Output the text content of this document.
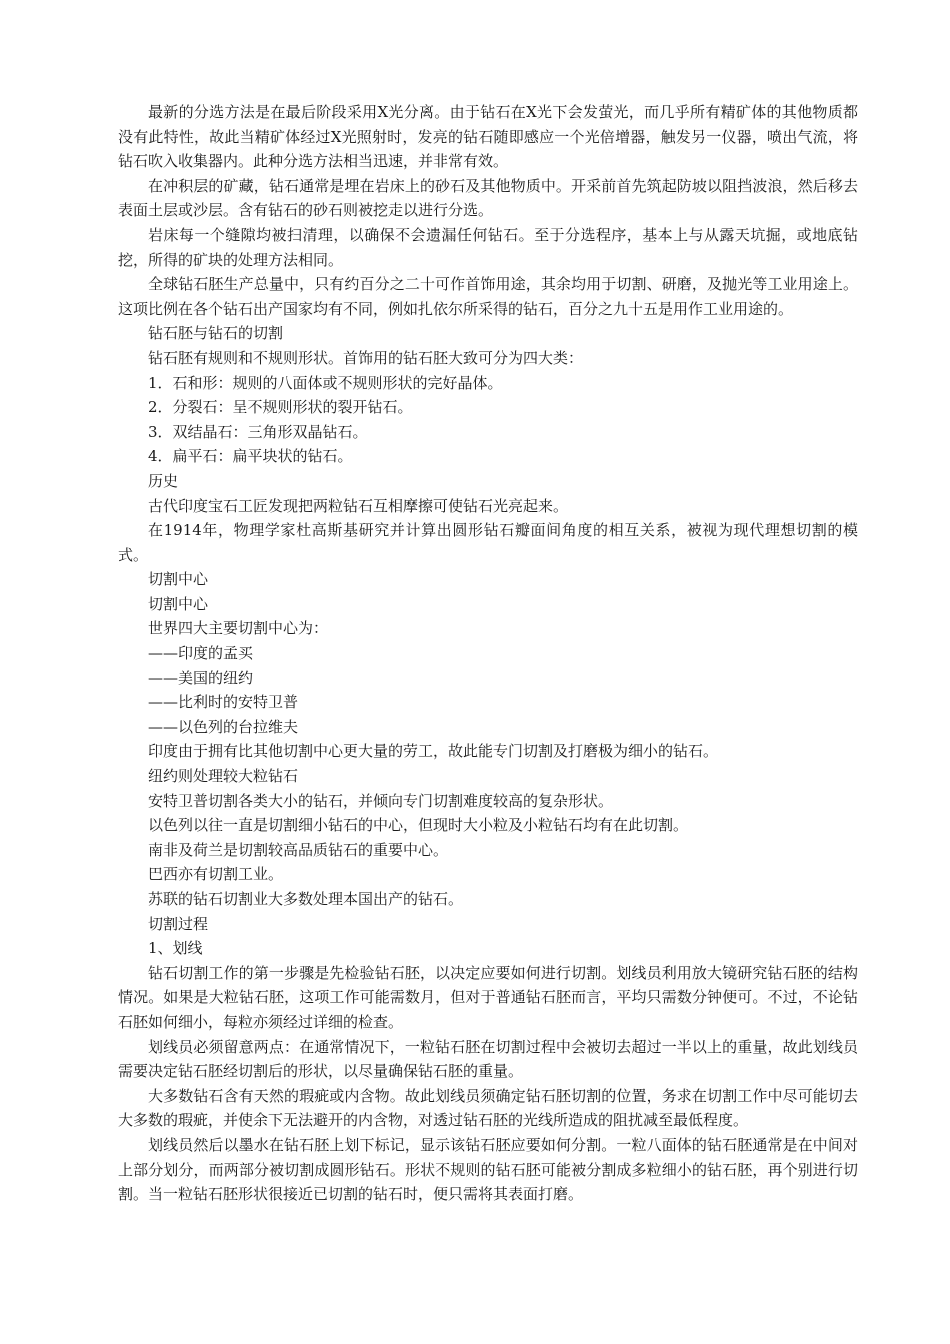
最新的分选方法是在最后阶段采用X光分离。由于钻石在X光下会发萤光，而几乎所有精矿体的其他物质都没有此特性，故此当精矿体经过X光照射时，发亮的钻石随即感应一个光倍增器，触发另一仪器，喷出气流，将钻石吹入收集器内。此种分选方法相当迅速，并非常有效。

在冲积层的矿藏，钻石通常是埋在岩床上的砂石及其他物质中。开采前首先筑起防坡以阻挡波浪，然后移去表面土层或沙层。含有钻石的砂石则被挖走以进行分选。

岩床每一个缝隙均被扫清理，以确保不会遗漏任何钻石。至于分选程序，基本上与从露天坑掘，或地底钻挖，所得的矿块的处理方法相同。

全球钻石胚生产总量中，只有约百分之二十可作首饰用途，其余均用于切割、研磨，及抛光等工业用途上。这项比例在各个钻石出产国家均有不同，例如扎依尔所采得的钻石，百分之九十五是用作工业用途的。

钻石胚与钻石的切割

钻石胚有规则和不规则形状。首饰用的钻石胚大致可分为四大类：

1．石和形：规则的八面体或不规则形状的完好晶体。

2．分裂石：呈不规则形状的裂开钻石。

3．双结晶石：三角形双晶钻石。

4．扁平石：扁平块状的钻石。

历史

古代印度宝石工匠发现把两粒钻石互相摩擦可使钻石光亮起来。

在1914年，物理学家杜高斯基研究并计算出圆形钻石瓣面间角度的相互关系，被视为现代理想切割的模式。

切割中心

切割中心

世界四大主要切割中心为：

——印度的孟买

——美国的纽约

——比利时的安特卫普

——以色列的台拉维夫

印度由于拥有比其他切割中心更大量的劳工，故此能专门切割及打磨极为细小的钻石。

纽约则处理较大粒钻石

安特卫普切割各类大小的钻石，并倾向专门切割难度较高的复杂形状。

以色列以往一直是切割细小钻石的中心，但现时大小粒及小粒钻石均有在此切割。

南非及荷兰是切割较高品质钻石的重要中心。

巴西亦有切割工业。

苏联的钻石切割业大多数处理本国出产的钻石。

切割过程

1、划线

钻石切割工作的第一步骤是先检验钻石胚，以决定应要如何进行切割。划线员利用放大镜研究钻石胚的结构情况。如果是大粒钻石胚，这项工作可能需数月，但对于普通钻石胚而言，平均只需数分钟便可。不过，不论钻石胚如何细小，每粒亦须经过详细的检查。

划线员必须留意两点：在通常情况下，一粒钻石胚在切割过程中会被切去超过一半以上的重量，故此划线员需要决定钻石胚经切割后的形状，以尽量确保钻石胚的重量。

大多数钻石含有天然的瑕疵或内含物。故此划线员须确定钻石胚切割的位置，务求在切割工作中尽可能切去大多数的瑕疵，并使余下无法避开的内含物，对透过钻石胚的光线所造成的阻扰减至最低程度。

划线员然后以墨水在钻石胚上划下标记，显示该钻石胚应要如何分割。一粒八面体的钻石胚通常是在中间对上部分划分，而两部分被切割成圆形钻石。形状不规则的钻石胚可能被分割成多粒细小的钻石胚，再个别进行切割。当一粒钻石胚形状很接近已切割的钻石时，便只需将其表面打磨。
